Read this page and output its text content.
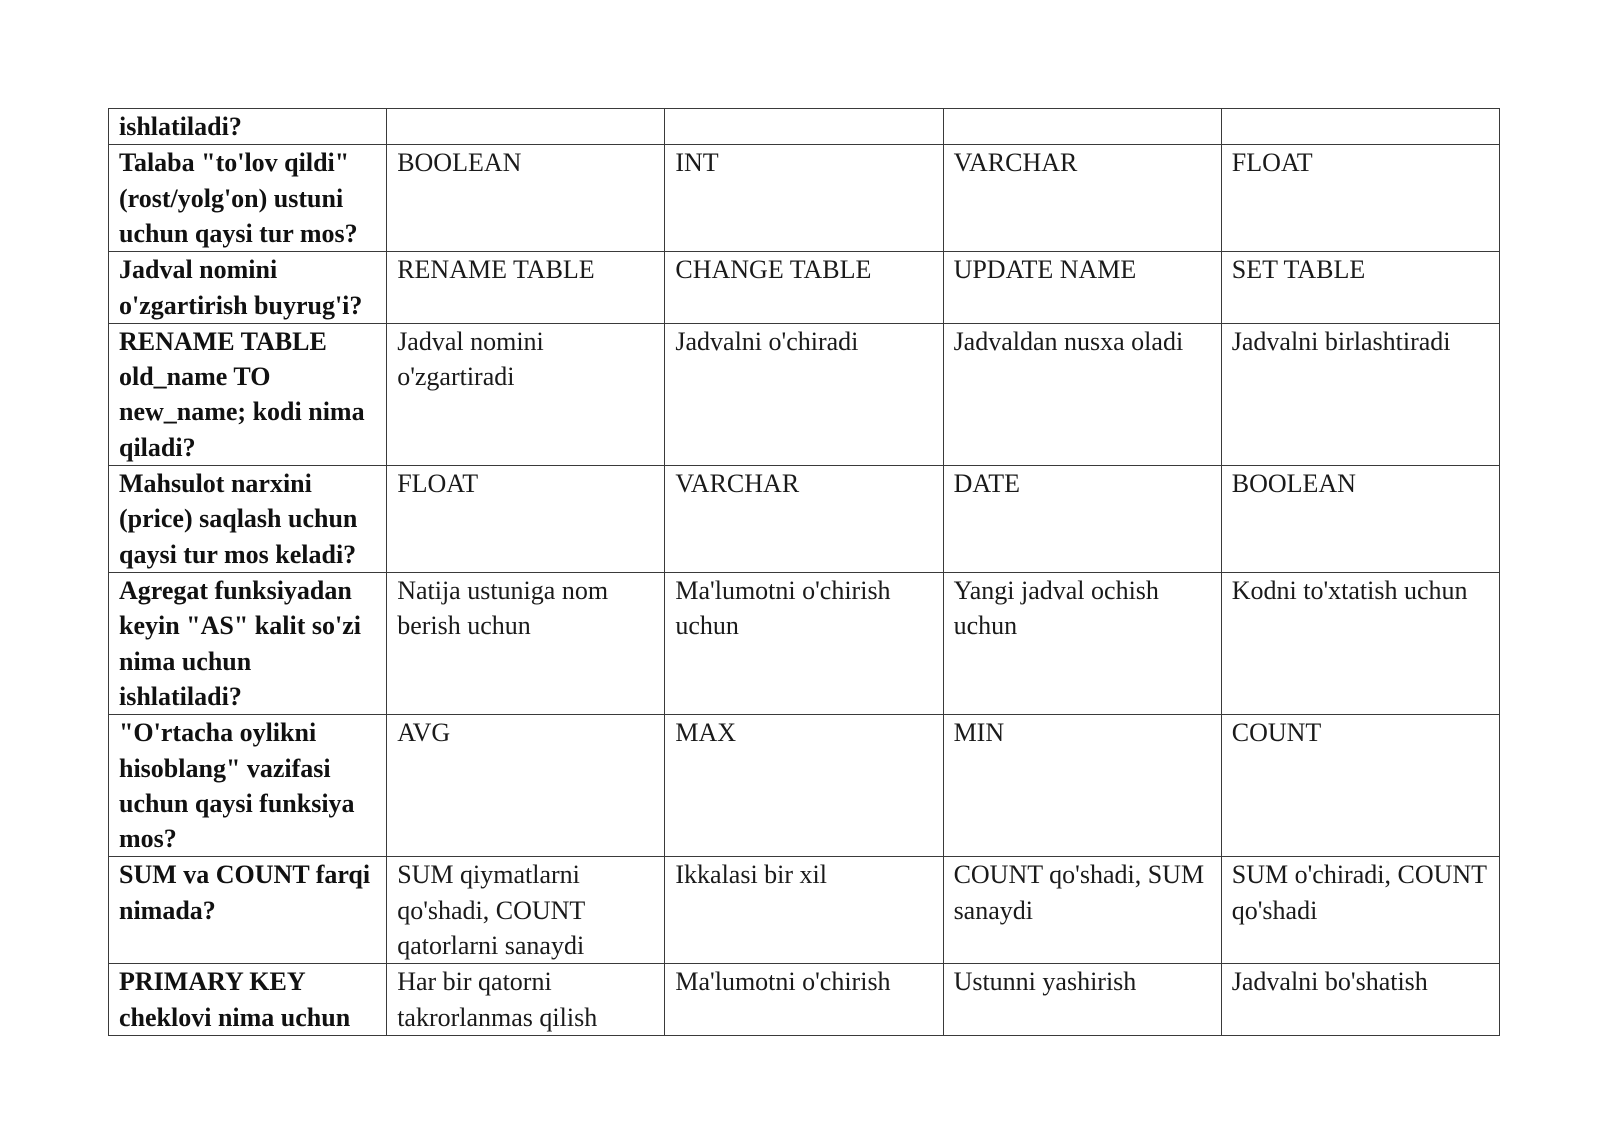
ishlatiladi?				

Talaba "to'lov qildi" (rost/yolg'on) ustuni uchun qaysi tur mos?	BOOLEAN	INT	VARCHAR	FLOAT

Jadval nomini o'zgartirish buyrug'i?	RENAME TABLE	CHANGE TABLE	UPDATE NAME	SET TABLE

RENAME TABLE old_name TO new_name; kodi nima qiladi?	Jadval nomini o'zgartiradi	Jadvalni o'chiradi	Jadvaldan nusxa oladi	Jadvalni birlashtiradi

Mahsulot narxini (price) saqlash uchun qaysi tur mos keladi?	FLOAT	VARCHAR	DATE	BOOLEAN

Agregat funksiyadan keyin "AS" kalit so'zi nima uchun ishlatiladi?	Natija ustuniga nom berish uchun	Ma'lumotni o'chirish uchun	Yangi jadval ochish uchun	Kodni to'xtatish uchun

"O'rtacha oylikni hisoblang" vazifasi uchun qaysi funksiya mos?	AVG	MAX	MIN	COUNT

SUM va COUNT farqi nimada?	SUM qiymatlarni qo'shadi, COUNT qatorlarni sanaydi	Ikkalasi bir xil	COUNT qo'shadi, SUM sanaydi	SUM o'chiradi, COUNT qo'shadi

PRIMARY KEY cheklovi nima uchun	Har bir qatorni takrorlanmas qilish	Ma'lumotni o'chirish	Ustunni yashirish	Jadvalni bo'shatish
